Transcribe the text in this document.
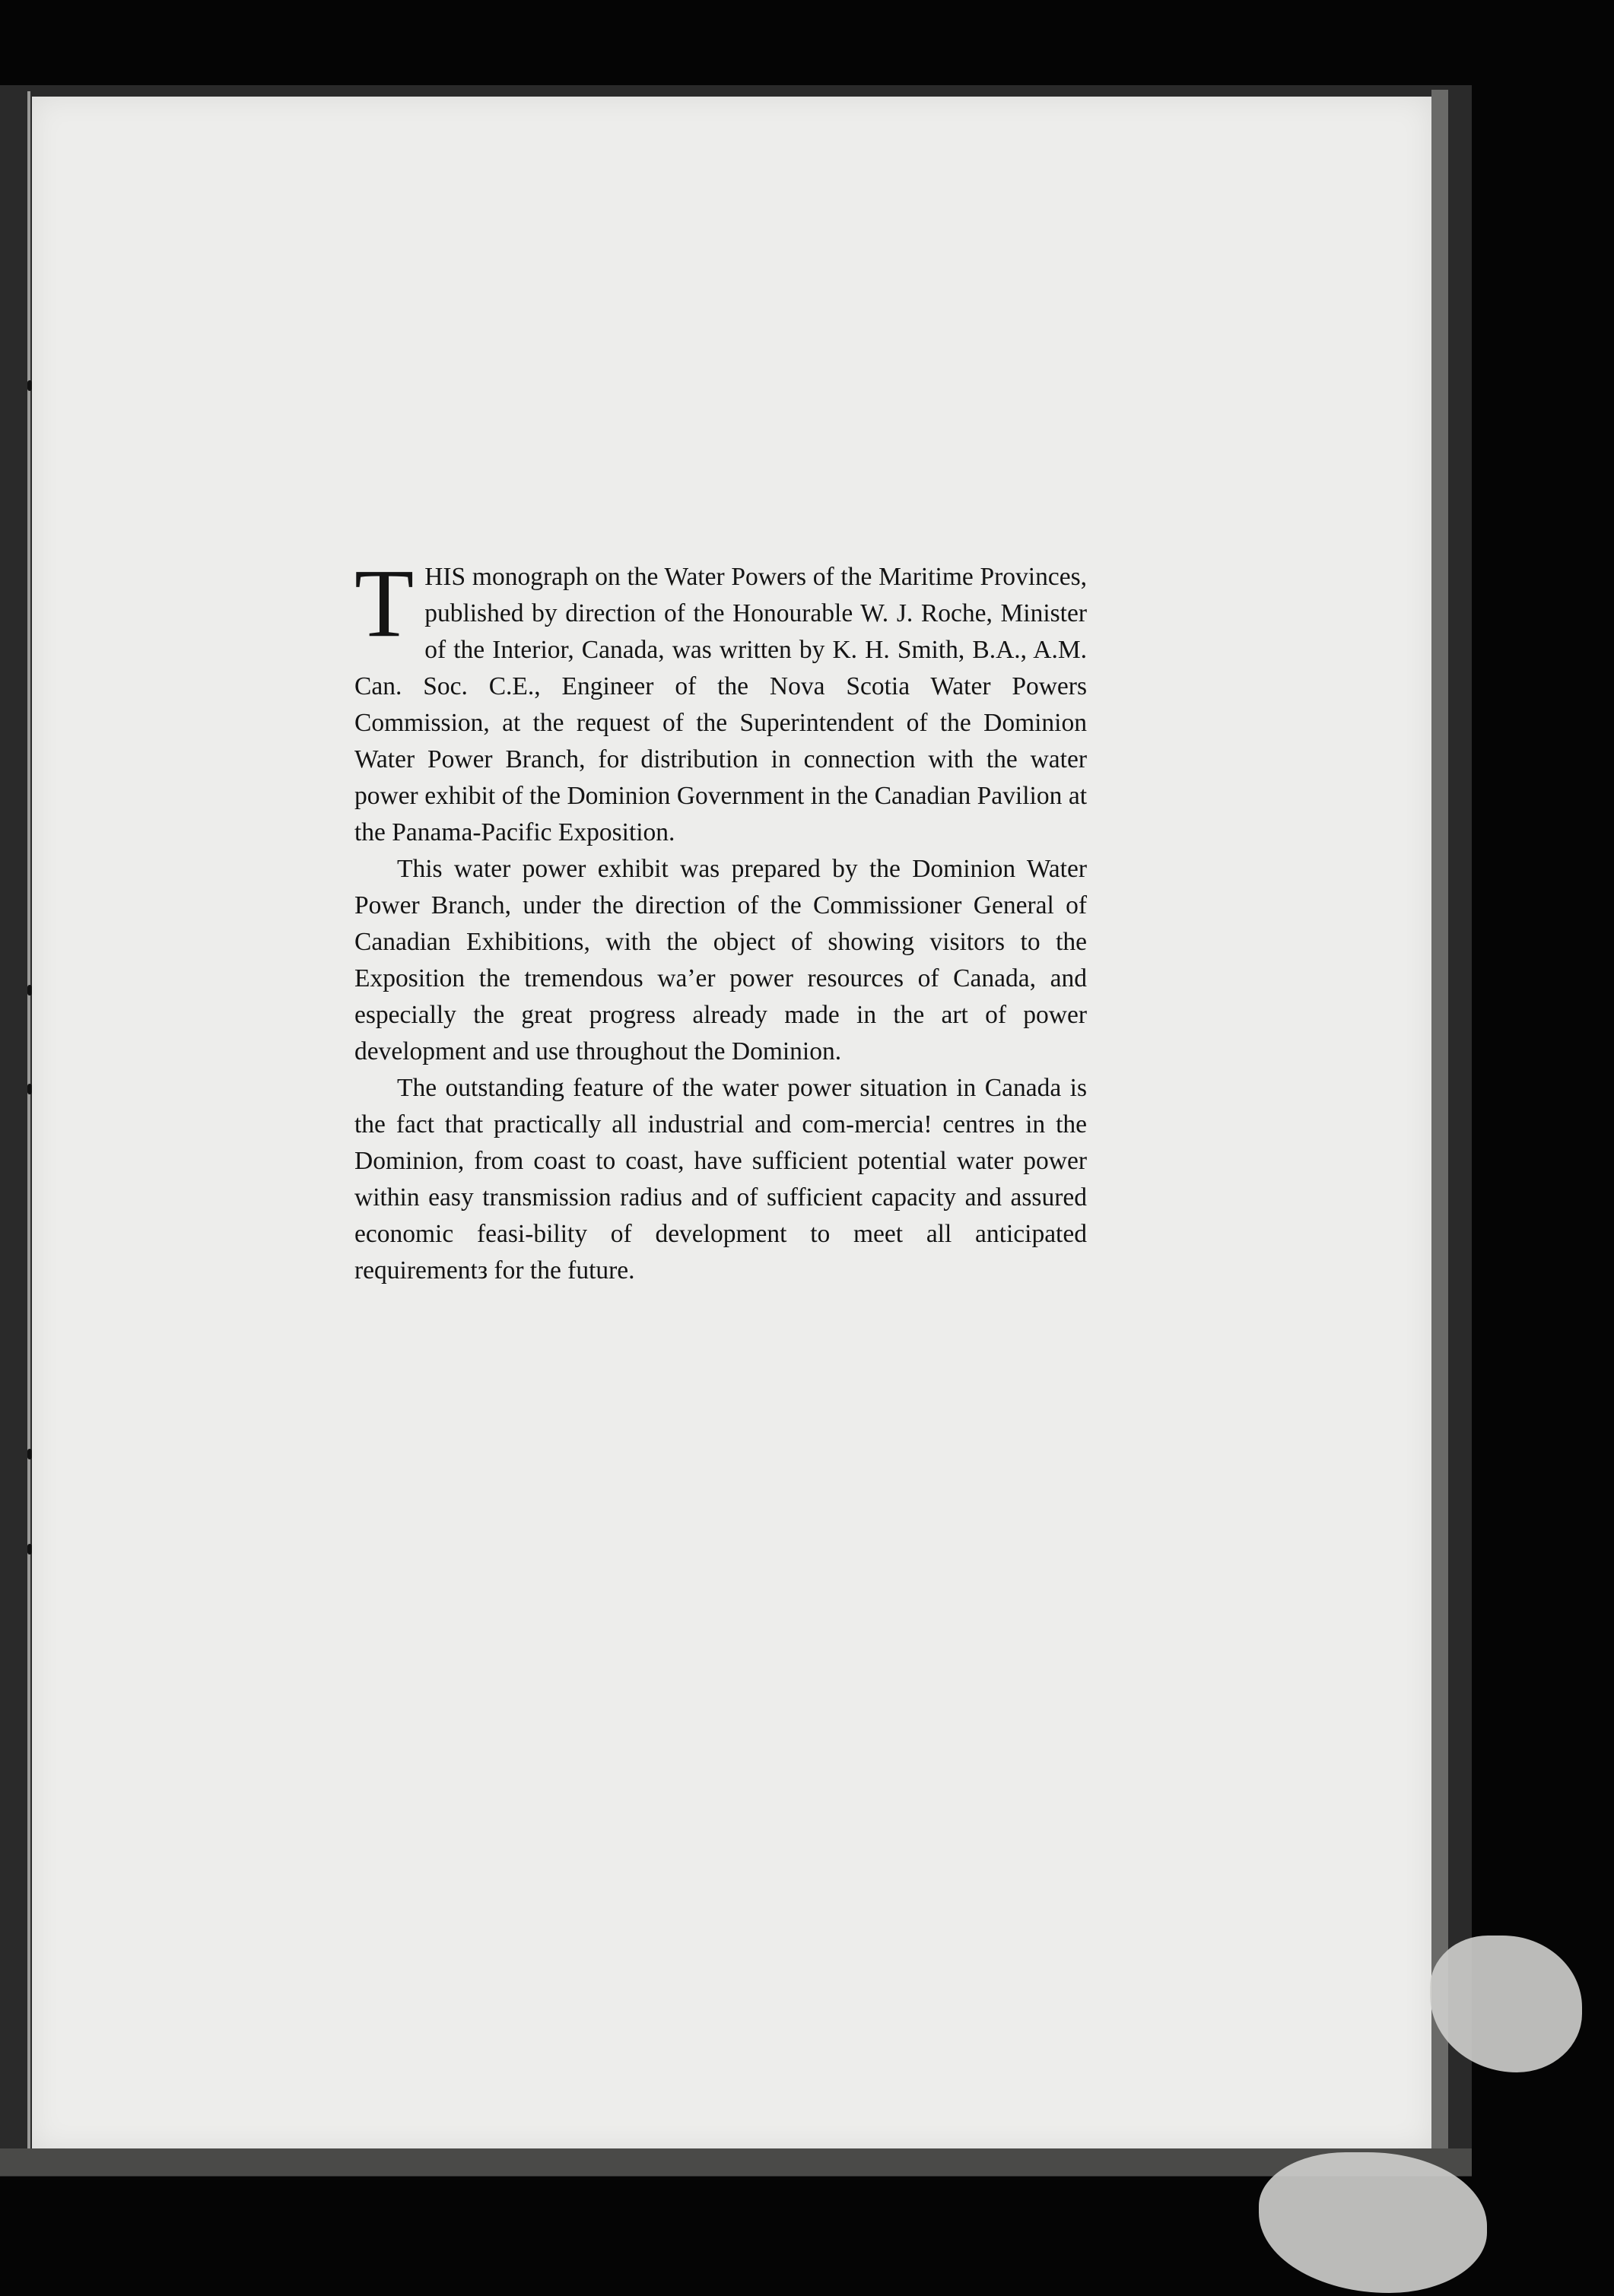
THIS monograph on the Water Powers of the Maritime Provinces, published by direction of the Honourable W. J. Roche, Minister of the Interior, Canada, was written by K. H. Smith, B.A., A.M. Can. Soc. C.E., Engineer of the Nova Scotia Water Powers Commission, at the request of the Superintendent of the Dominion Water Power Branch, for distribution in connection with the water power exhibit of the Dominion Government in the Canadian Pavilion at the Panama-Pacific Exposition.

This water power exhibit was prepared by the Dominion Water Power Branch, under the direction of the Commissioner General of Canadian Exhibitions, with the object of showing visitors to the Exposition the tremendous wa’er power resources of Canada, and especially the great progress already made in the art of power development and use throughout the Dominion.

The outstanding feature of the water power situation in Canada is the fact that practically all industrial and com-mercia! centres in the Dominion, from coast to coast, have sufficient potential water power within easy transmission radius and of sufficient capacity and assured economic feasi-bility of development to meet all anticipated requirementз for the future.
